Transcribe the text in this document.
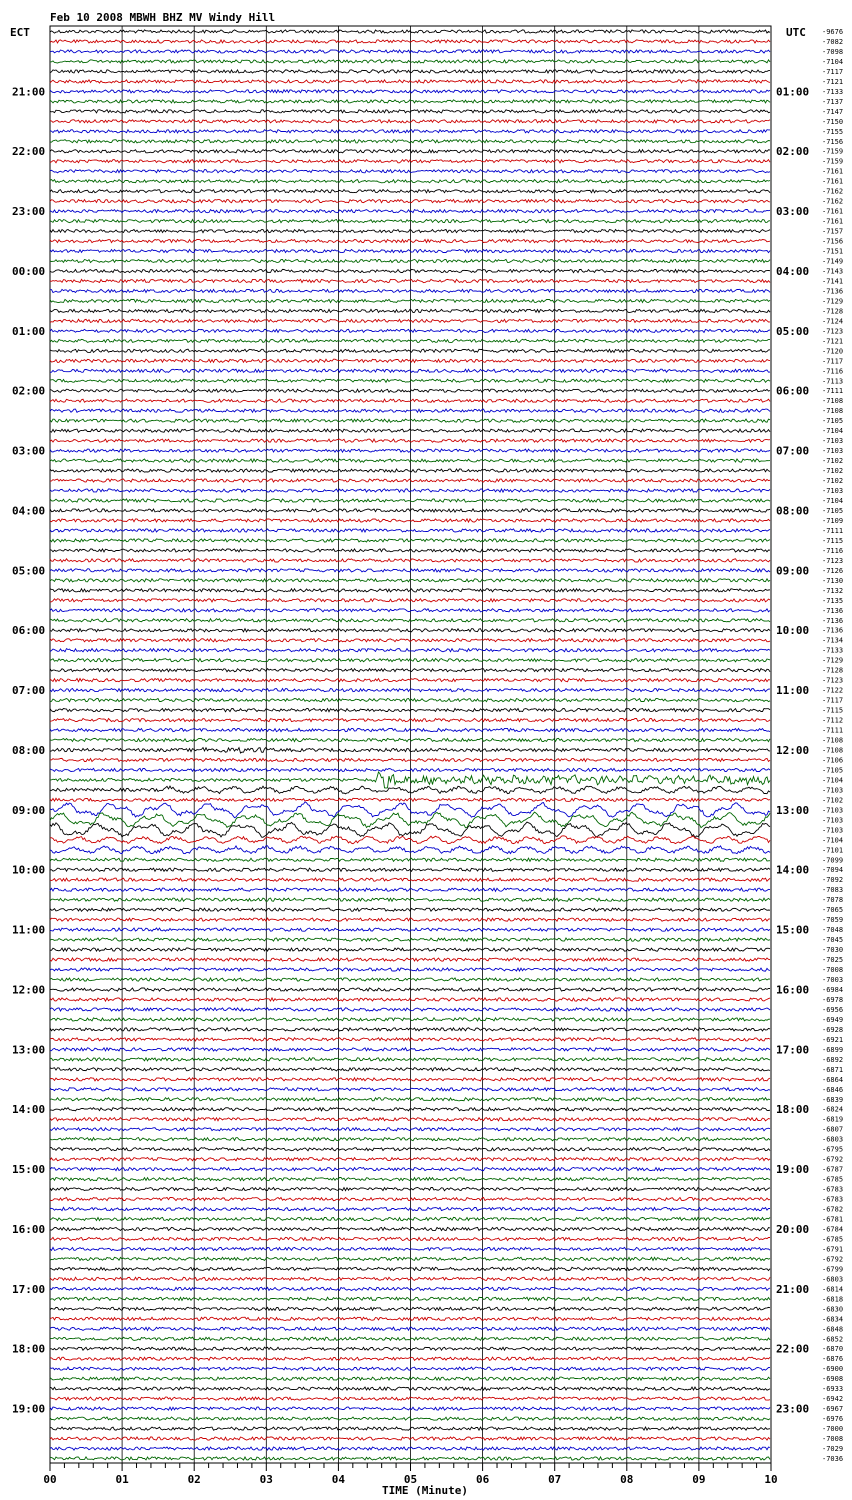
Feb 10 2008 MBWH BHZ MV Windy Hill
ECT	UTC
TIME (Minute)
-9676
-7082
-7098
-7104
-7117
-7121
-7133
-7137
-7147
-7150
-7155
-7156
-7159
-7159
-7161
-7161
-7162
-7162
-7161
-7161
-7157
-7156
-7151
-7149
-7143
-7141
-7136
-7129
-7128
-7124
-7123
-7121
-7120
-7117
-7116
-7113
-7111
-7108
-7108
-7105
-7104
-7103
-7103
-7102
-7102
-7102
-7103
-7104
-7105
-7109
-7111
-7115
-7116
-7123
-7126
-7130
-7132
-7135
-7136
-7136
-7136
-7134
-7133
-7129
-7128
-7123
-7122
-7117
-7115
-7112
-7111
-7108
-7108
-7106
-7105
-7104
-7103
-7102
-7103
-7103
-7103
-7104
-7101
-7099
-7094
-7092
-7083
-7078
-7065
-7059
-7048
-7045
-7030
-7025
-7008
-7003
-6984
-6978
-6956
-6949
-6928
-6921
-6899
-6892
-6871
-6864
-6846
-6839
-6824
-6819
-6807
-6803
-6795
-6792
-6787
-6785
-6783
-6783
-6782
-6781
-6784
-6785
-6791
-6792
-6799
-6803
-6814
-6818
-6830
-6834
-6848
-6852
-6870
-6876
-6900
-6908
-6933
-6942
-6967
-6976
-7000
-7008
-7029
-7036
21:00
22:00
23:00
00:00
01:00
02:00
03:00
04:00
05:00
06:00
07:00
08:00
09:00
10:00
11:00
12:00
13:00
14:00
15:00
16:00
17:00
18:00
19:00
01:00
02:00
03:00
04:00
05:00
06:00
07:00
08:00
09:00
10:00
11:00
12:00
13:00
14:00
15:00
16:00
17:00
18:00
19:00
20:00
21:00
22:00
23:00
00	01	02	03	04	05	06	07	08	09	10
